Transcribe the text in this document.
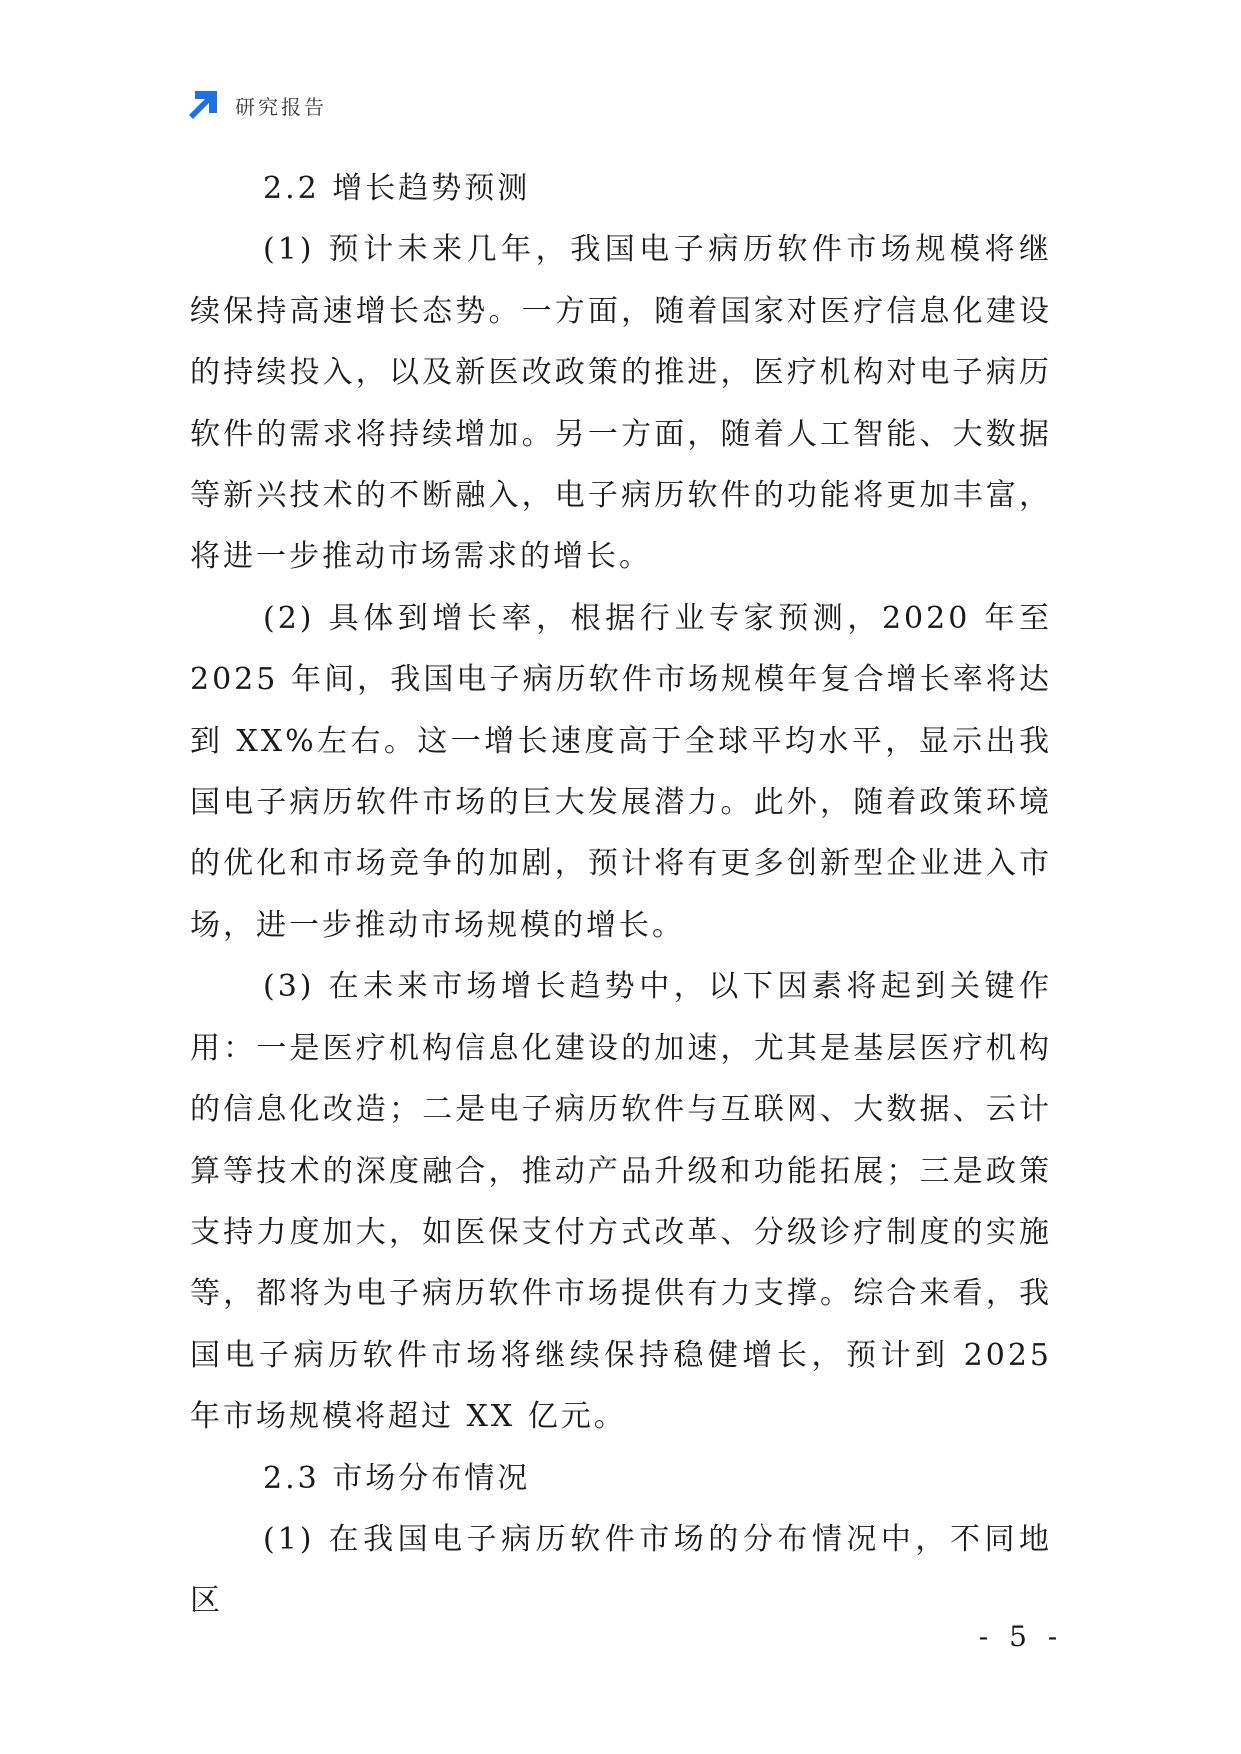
研究报告

2.2 增长趋势预测

(1) 预计未来几年，我国电子病历软件市场规模将继续保持高速增长态势。一方面，随着国家对医疗信息化建设的持续投入，以及新医改政策的推进，医疗机构对电子病历软件的需求将持续增加。另一方面，随着人工智能、大数据等新兴技术的不断融入，电子病历软件的功能将更加丰富，将进一步推动市场需求的增长。

(2) 具体到增长率，根据行业专家预测，2020 年至 2025 年间，我国电子病历软件市场规模年复合增长率将达到 XX%左右。这一增长速度高于全球平均水平，显示出我国电子病历软件市场的巨大发展潜力。此外，随着政策环境的优化和市场竞争的加剧，预计将有更多创新型企业进入市场，进一步推动市场规模的增长。

(3) 在未来市场增长趋势中，以下因素将起到关键作用：一是医疗机构信息化建设的加速，尤其是基层医疗机构的信息化改造；二是电子病历软件与互联网、大数据、云计算等技术的深度融合，推动产品升级和功能拓展；三是政策支持力度加大，如医保支付方式改革、分级诊疗制度的实施等，都将为电子病历软件市场提供有力支撑。综合来看，我国电子病历软件市场将继续保持稳健增长，预计到 2025 年市场规模将超过 XX 亿元。

2.3 市场分布情况

(1) 在我国电子病历软件市场的分布情况中，不同地区

- 5 -
